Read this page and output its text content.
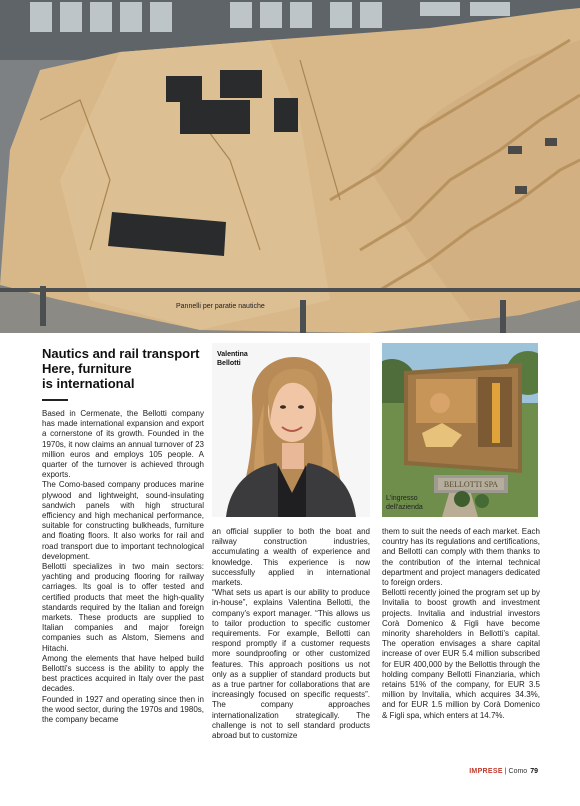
Pannelli per paratie nautiche
Nautics and rail transport
Here, furniture
is international

Based in Cermenate, the Bellotti company has made international expansion and export a cornerstone of its growth. Founded in the 1970s, it now claims an annual turnover of 23 million euros and employs 105 people. A quarter of the turnover is achieved through exports.

The Como-based company produces marine plywood and lightweight, sound-insulating sandwich panels with high structural efficiency and high mechanical performance, suitable for constructing bulkheads, furniture and floating floors. It also works for rail and road transport due to important technological development.

Bellotti specializes in two main sectors: yachting and producing flooring for railway carriages. Its goal is to offer tested and certified products that meet the high-quality standards required by the Italian and foreign markets. These products are supplied to Italian companies and major foreign companies such as Alstom, Siemens and Hitachi.

Among the elements that have helped build Bellotti's success is the ability to apply the best practices acquired in Italy over the past decades.

Founded in 1927 and operating since then in the wood sector, during the 1970s and 1980s, the company became

Valentina
Bellotti
BELLOTTI SPA
L'ingresso
dell'azienda

an official supplier to both the boat and railway construction industries, accumulating a wealth of experience and knowledge. This experience is now successfully applied in international markets.

“What sets us apart is our ability to produce in-house”, explains Valentina Bellotti, the company's export manager. “This allows us to tailor production to specific customer requirements. For example, Bellotti can respond promptly if a customer requests more soundproofing or other customized features. This approach positions us not only as a supplier of standard products but as a true partner for collaborations that are increasingly focused on specific requests”. The company approaches internationalization strategically. The challenge is not to sell standard products abroad but to customize

them to suit the needs of each market. Each country has its regulations and certifications, and Bellotti can comply with them thanks to the contribution of the internal technical department and project managers dedicated to foreign orders.

Bellotti recently joined the program set up by Invitalia to boost growth and investment projects. Invitalia and industrial investors Corà Domenico & Figli have become minority shareholders in Bellotti's capital. The operation envisages a share capital increase of over EUR 5.4 million subscribed for EUR 400,000 by the Bellottis through the holding company Bellotti Finanziaria, which retains 51% of the company, for EUR 3.5 million by Invitalia, which acquires 34.3%, and for EUR 1.5 million by Corà Domenico & Figli spa, which enters at 14.7%.

IMPRESE | Como 79
